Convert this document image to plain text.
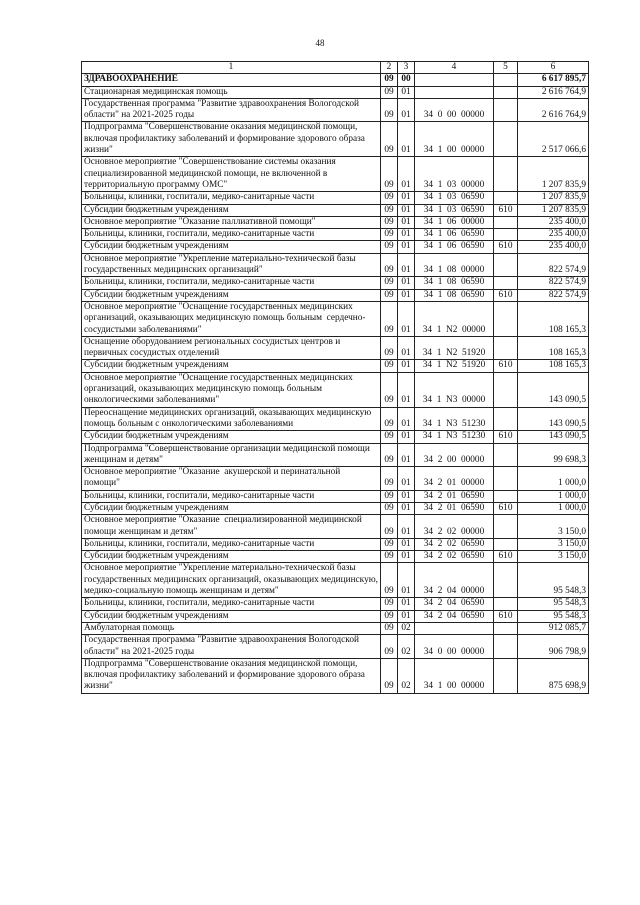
48
1	2	3	4	5	6
ЗДРАВООХРАНЕНИЕ	09	00			6 617 895,7
Стационарная медицинская помощь	09	01			2 616 764,9
Государственная программа "Развитие здравоохранения Вологодской области" на 2021-2025 годы	09	01	34  0  00  00000		2 616 764,9
Подпрограмма "Совершенствование оказания медицинской помощи, включая профилактику заболеваний и формирование здорового образа жизни"	09	01	34  1  00  00000		2 517 066,6
Основное мероприятие "Совершенствование системы оказания специализированной медицинской помощи, не включенной в территориальную программу ОМС"	09	01	34  1  03  00000		1 207 835,9
Больницы, клиники, госпитали, медико-санитарные части	09	01	34  1  03  06590		1 207 835,9
Субсидии бюджетным учреждениям	09	01	34  1  03  06590	610	1 207 835,9
Основное мероприятие "Оказание паллиативной помощи"	09	01	34  1  06  00000		235 400,0
Больницы, клиники, госпитали, медико-санитарные части	09	01	34  1  06  06590		235 400,0
Субсидии бюджетным учреждениям	09	01	34  1  06  06590	610	235 400,0
Основное мероприятие "Укрепление материально-технической базы государственных медицинских организаций"	09	01	34  1  08  00000		822 574,9
Больницы, клиники, госпитали, медико-санитарные части	09	01	34  1  08  06590		822 574,9
Субсидии бюджетным учреждениям	09	01	34  1  08  06590	610	822 574,9
Основное мероприятие "Оснащение государственных медицинских организаций, оказывающих медицинскую помощь больным  сердечно-сосудистыми заболеваниями"	09	01	34  1  N2  00000		108 165,3
Оснащение оборудованием региональных сосудистых центров и первичных сосудистых отделений	09	01	34  1  N2  51920		108 165,3
Субсидии бюджетным учреждениям	09	01	34  1  N2  51920	610	108 165,3
Основное мероприятие "Оснащение государственных медицинских организаций, оказывающих медицинскую помощь больным онкологическими заболеваниями"	09	01	34  1  N3  00000		143 090,5
Переоснащение медицинских организаций, оказывающих медицинскую помощь больным с онкологическими заболеваниями	09	01	34  1  N3  51230		143 090,5
Субсидии бюджетным учреждениям	09	01	34  1  N3  51230	610	143 090,5
Подпрограмма "Совершенствование организации медицинской помощи женщинам и детям"	09	01	34  2  00  00000		99 698,3
Основное мероприятие "Оказание  акушерской и перинатальной помощи"	09	01	34  2  01  00000		1 000,0
Больницы, клиники, госпитали, медико-санитарные части	09	01	34  2  01  06590		1 000,0
Субсидии бюджетным учреждениям	09	01	34  2  01  06590	610	1 000,0
Основное мероприятие "Оказание  специализированной медицинской помощи женщинам и детям"	09	01	34  2  02  00000		3 150,0
Больницы, клиники, госпитали, медико-санитарные части	09	01	34  2  02  06590		3 150,0
Субсидии бюджетным учреждениям	09	01	34  2  02  06590	610	3 150,0
Основное мероприятие "Укрепление материально-технической базы государственных медицинских организаций, оказывающих медицинскую, медико-социальную помощь женщинам и детям"	09	01	34  2  04  00000		95 548,3
Больницы, клиники, госпитали, медико-санитарные части	09	01	34  2  04  06590		95 548,3
Субсидии бюджетным учреждениям	09	01	34  2  04  06590	610	95 548,3
Амбулаторная помощь	09	02			912 085,7
Государственная программа "Развитие здравоохранения Вологодской области" на 2021-2025 годы	09	02	34  0  00  00000		906 798,9
Подпрограмма "Совершенствование оказания медицинской помощи, включая профилактику заболеваний и формирование здорового образа жизни"	09	02	34  1  00  00000		875 698,9
